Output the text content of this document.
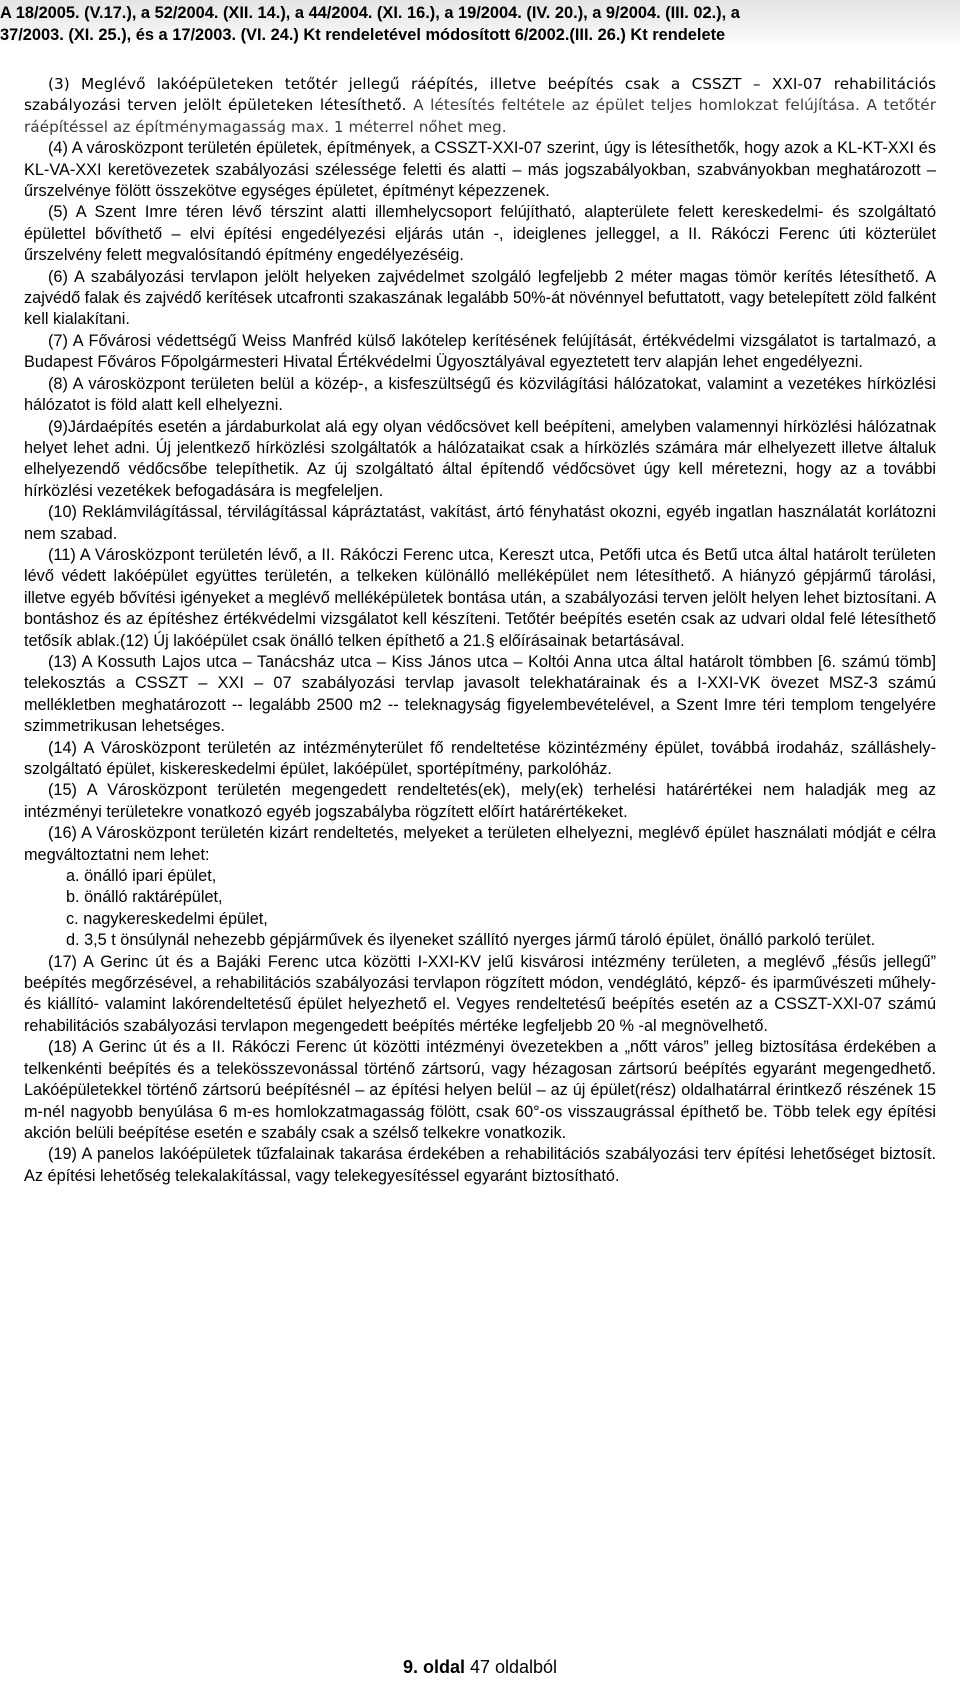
A 18/2005. (V.17.), a 52/2004. (XII. 14.), a 44/2004. (XI. 16.), a 19/2004. (IV. 20.), a 9/2004. (III. 02.), a
37/2003. (XI. 25.), és a 17/2003. (VI. 24.) Kt rendeletével módosított 6/2002.(III. 26.) Kt rendelete

(3) Meglévő lakóépületeken tetőtér jellegű ráépítés, illetve beépítés csak a CSSZT – XXI-07 rehabilitációs szabályozási terven jelölt épületeken létesíthető. A létesítés feltétele az épület teljes homlokzat felújítása. A tetőtér ráépítéssel az építménymagasság max. 1 méterrel nőhet meg.

(4) A városközpont területén épületek, építmények, a CSSZT-XXI-07 szerint, úgy is létesíthetők, hogy azok a KL-KT-XXI és KL-VA-XXI keretövezetek szabályozási szélessége feletti és alatti – más jogszabályokban, szabványokban meghatározott – űrszelvénye fölött összekötve egységes épületet, építményt képezzenek.

(5) A Szent Imre téren lévő térszint alatti illemhelycsoport felújítható, alapterülete felett kereskedelmi- és szolgáltató épülettel bővíthető – elvi építési engedélyezési eljárás után -, ideiglenes jelleggel, a II. Rákóczi Ferenc úti közterület űrszelvény felett megvalósítandó építmény engedélyezéséig.

(6) A szabályozási tervlapon jelölt helyeken zajvédelmet szolgáló legfeljebb 2 méter magas tömör kerítés létesíthető. A zajvédő falak és zajvédő kerítések utcafronti szakaszának legalább 50%-át növénnyel befuttatott, vagy betelepített zöld falként kell kialakítani.

(7) A Fővárosi védettségű Weiss Manfréd külső lakótelep kerítésének felújítását, értékvédelmi vizsgálatot is tartalmazó, a Budapest Főváros Főpolgármesteri Hivatal Értékvédelmi Ügyosztályával egyeztetett terv alapján lehet engedélyezni.

(8) A városközpont területen belül a közép-, a kisfeszültségű és közvilágítási hálózatokat, valamint a vezetékes hírközlési hálózatot is föld alatt kell elhelyezni.

(9)Járdaépítés esetén a járdaburkolat alá egy olyan védőcsövet kell beépíteni, amelyben valamennyi hírközlési hálózatnak helyet lehet adni. Új jelentkező hírközlési szolgáltatók a hálózataikat csak a hírközlés számára már elhelyezett illetve általuk elhelyezendő védőcsőbe telepíthetik. Az új szolgáltató által építendő védőcsövet úgy kell méretezni, hogy az a további hírközlési vezetékek befogadására is megfeleljen.

(10) Reklámvilágítással, térvilágítással kápráztatást, vakítást, ártó fényhatást okozni, egyéb ingatlan használatát korlátozni nem szabad.

(11) A Városközpont területén lévő, a II. Rákóczi Ferenc utca, Kereszt utca, Petőfi utca és Betű utca által határolt területen lévő védett lakóépület együttes területén, a telkeken különálló melléképület nem létesíthető. A hiányzó gépjármű tárolási, illetve egyéb bővítési igényeket a meglévő melléképületek bontása után, a szabályozási terven jelölt helyen lehet biztosítani. A bontáshoz és az építéshez értékvédelmi vizsgálatot kell készíteni. Tetőtér beépítés esetén csak az udvari oldal felé létesíthető tetősík ablak.(12) Új lakóépület csak önálló telken építhető a 21.§ előírásainak betartásával.

(13) A Kossuth Lajos utca – Tanácsház utca – Kiss János utca – Koltói Anna utca által határolt tömbben [6. számú tömb] telekosztás a CSSZT – XXI – 07 szabályozási tervlap javasolt telekhatárainak és a I-XXI-VK övezet MSZ-3 számú mellékletben meghatározott -- legalább 2500 m2 -- teleknagyság figyelembevételével, a Szent Imre téri templom tengelyére szimmetrikusan lehetséges.

(14) A Városközpont területén az intézményterület fő rendeltetése közintézmény épület, továbbá irodaház, szálláshely-szolgáltató épület, kiskereskedelmi épület, lakóépület, sportépítmény, parkolóház.

(15) A Városközpont területén megengedett rendeltetés(ek), mely(ek) terhelési határértékei nem haladják meg az intézményi területekre vonatkozó egyéb jogszabályba rögzített előírt határértékeket.

(16) A Városközpont területén kizárt rendeltetés, melyeket a területen elhelyezni, meglévő épület használati módját e célra megváltoztatni nem lehet:

a. önálló ipari épület,

b. önálló raktárépület,

c. nagykereskedelmi épület,

d. 3,5 t önsúlynál nehezebb gépjárművek és ilyeneket szállító nyerges jármű tároló épület, önálló parkoló terület.

(17) A Gerinc út és a Bajáki Ferenc utca közötti I-XXI-KV jelű kisvárosi intézmény területen, a meglévő „fésűs jellegű” beépítés megőrzésével, a rehabilitációs szabályozási tervlapon rögzített módon, vendéglátó, képző- és iparművészeti műhely- és kiállító- valamint lakórendeltetésű épület helyezhető el. Vegyes rendeltetésű beépítés esetén az a CSSZT-XXI-07 számú rehabilitációs szabályozási tervlapon megengedett beépítés mértéke legfeljebb 20 % -al megnövelhető.

(18) A Gerinc út és a II. Rákóczi Ferenc út közötti intézményi övezetekben a „nőtt város” jelleg biztosítása érdekében a telkenkénti beépítés és a telekösszevonással történő zártsorú, vagy hézagosan zártsorú beépítés egyaránt megengedhető. Lakóépületekkel történő zártsorú beépítésnél – az építési helyen belül – az új épület(rész) oldalhatárral érintkező részének 15 m-nél nagyobb benyúlása 6 m-es homlokzatmagasság fölött, csak 60°-os visszaugrással építhető be. Több telek egy építési akción belüli beépítése esetén e szabály csak a szélső telkekre vonatkozik.

(19) A panelos lakóépületek tűzfalainak takarása érdekében a rehabilitációs szabályozási terv építési lehetőséget biztosít. Az építési lehetőség telekalakítással, vagy telekegyesítéssel egyaránt biztosítható.

9. oldal 47 oldalból
